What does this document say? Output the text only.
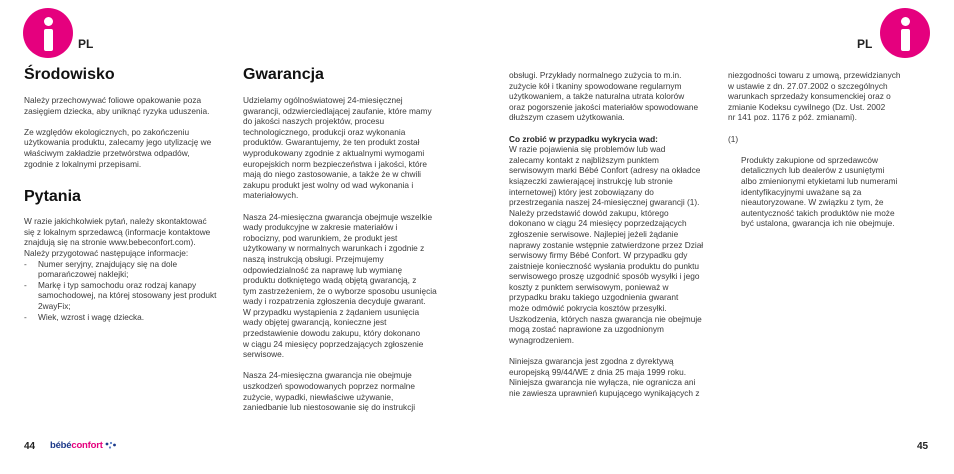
PL	PL
Środowisko

Należy przechowywać foliowe opakowanie poza
zasięgiem dziecka, aby uniknąć ryzyka uduszenia.

Ze względów ekologicznych, po zakończeniu
użytkowania produktu, zalecamy jego utylizację we
właściwym zakładzie przetwórstwa odpadów,
zgodnie z lokalnymi przepisami.

Pytania

W razie jakichkolwiek pytań, należy skontaktować
się z lokalnym sprzedawcą (informacje kontaktowe
znajdują się na stronie www.bebeconfort.com).
Należy przygotować następujące informacje:

- Numer seryjny, znajdujący się na dole
pomarańczowej naklejki;
- Markę i typ samochodu oraz rodzaj kanapy
samochodowej, na której stosowany jest produkt
2wayFix;
- Wiek, wzrost i wagę dziecka.
Gwarancja

Udzielamy ogólnoświatowej 24-miesięcznej
gwarancji, odzwierciedlającej zaufanie, które mamy
do jakości naszych projektów, procesu
technologicznego, produkcji oraz wykonania
produktów. Gwarantujemy, że ten produkt został
wyprodukowany zgodnie z aktualnymi wymogami
europejskich norm bezpieczeństwa i jakości, które
mają do niego zastosowanie, a także że w chwili
zakupu produkt jest wolny od wad wykonania i
materiałowych.

Nasza 24-miesięczna gwarancja obejmuje wszelkie
wady produkcyjne w zakresie materiałów i
robocizny, pod warunkiem, że produkt jest
użytkowany w normalnych warunkach i zgodnie z
naszą instrukcją obsługi. Przejmujemy
odpowiedzialność za naprawę lub wymianę
produktu dotkniętego wadą objętą gwarancją, z
tym zastrzeżeniem, że o wyborze sposobu usunięcia
wady i rozpatrzenia zgłoszenia decyduje gwarant.
W przypadku wystąpienia z żądaniem usunięcia
wady objętej gwarancją, konieczne jest
przedstawienie dowodu zakupu, który dokonano
w ciągu 24 miesięcy poprzedzających zgłoszenie
serwisowe.

Nasza 24-miesięczna gwarancja nie obejmuje
uszkodzeń spowodowanych poprzez normalne
zużycie, wypadki, niewłaściwe używanie,
zaniedbanie lub niestosowanie się do instrukcji

obsługi. Przykłady normalnego zużycia to m.in.
zużycie kół i tkaniny spowodowane regularnym
użytkowaniem, a także naturalna utrata kolorów
oraz pogorszenie jakości materiałów spowodowane
dłuższym czasem użytkowania.

Co zrobić w przypadku wykrycia wad:

W razie pojawienia się problemów lub wad
zalecamy kontakt z najbliższym punktem
serwisowym marki Bébé Confort (adresy na okładce
ksiązeczki zawierającej instrukcję lub stronie
internetowej) który jest zobowiązany do
przestrzegania naszej 24-miesięcznej gwarancji (1).
Należy przedstawić dowód zakupu, którego
dokonano w ciągu 24 miesięcy poprzedzających
zgłoszenie serwisowe. Najlepiej jeżeli żądanie
naprawy zostanie wstępnie zatwierdzone przez Dział
serwisowy firmy Bébé Confort. W przypadku gdy
zaistnieje konieczność wysłania produktu do punktu
serwisowego proszę uzgodnić sposób wysyłki i jego
koszty z punktem serwisowym, ponieważ w
przypadku braku takiego uzgodnienia gwarant
może odmówić pokrycia kosztów przesyłki.
Uszkodzenia, których nasza gwarancja nie obejmuje
mogą zostać naprawione za uzgodnionym
wynagrodzeniem.

Niniejsza gwarancja jest zgodna z dyrektywą
europejską 99/44/WE z dnia 25 maja 1999 roku.
Niniejsza gwarancja nie wyłącza, nie ogranicza ani
nie zawiesza uprawnień kupującego wynikających z

niezgodności towaru z umową, przewidzianych
w ustawie z dn. 27.07.2002 o szczególnych
warunkach sprzedaży konsumenckiej oraz o
zmianie Kodeksu cywilnego (Dz. Ust. 2002
nr 141 poz. 1176 z póź. zmianami).

(1)

Produkty zakupione od sprzedawców
detalicznych lub dealerów z usuniętymi
albo zmienionymi etykietami lub numerami
identyfikacyjnymi uważane są za
nieautoryzowane. W związku z tym, że
autentyczność takich produktów nie może
być ustalona, gwarancja ich nie obejmuje.

44 bébéconfort	45
